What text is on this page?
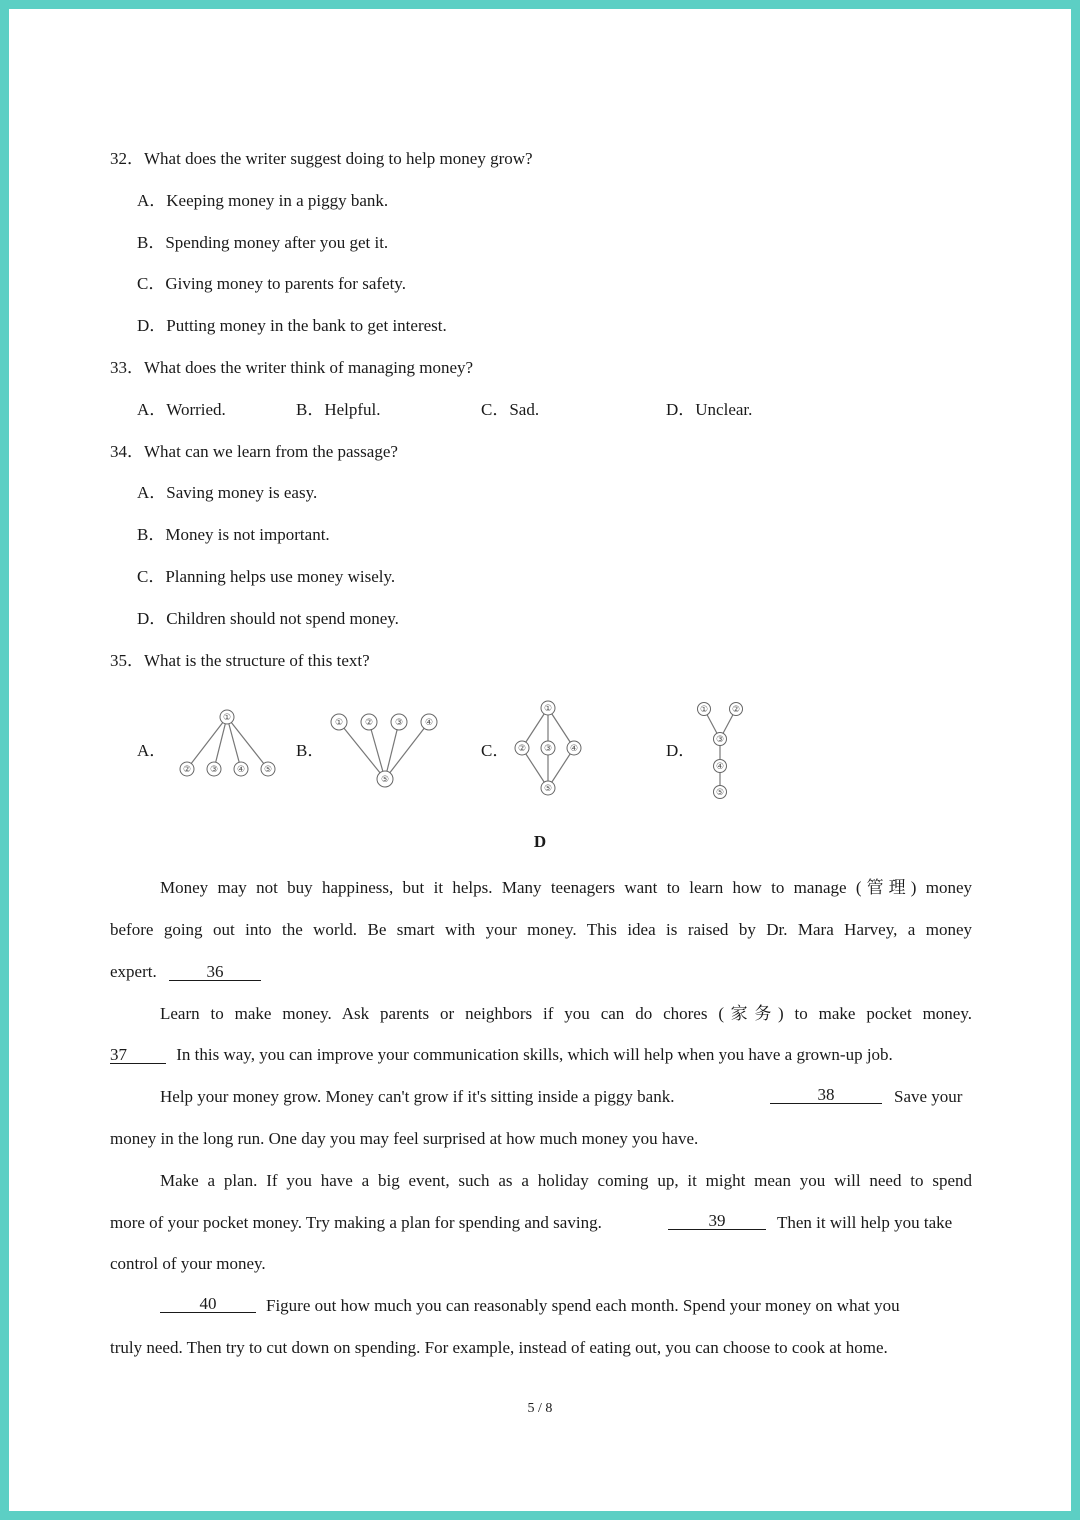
32．What does the writer suggest doing to help money grow?
A．Keeping money in a piggy bank.
B．Spending money after you get it.
C．Giving money to parents for safety.
D．Putting money in the bank to get interest.
33．What does the writer think of managing money?
A．Worried.	B．Helpful.	C．Sad.	D．Unclear.
34．What can we learn from the passage?
A．Saving money is easy.
B．Money is not important.
C．Planning helps use money wisely.
D．Children should not spend money.
35．What is the structure of this text?
A．	B．	C．	D．
①
② ③ ④ ⑤
① ② ③ ④
⑤
①
② ③ ④
⑤
①	②
③
④
⑤
D
Money may not buy happiness, but it helps. Many teenagers want to learn how to manage (管理) money
before going out into the world. Be smart with your money. This idea is raised by Dr. Mara Harvey, a money
expert.	36
Learn to make money. Ask parents or neighbors if you can do chores (家务) to make pocket money.
37	In this way, you can improve your communication skills, which will help when you have a grown-up job.
Help your money grow. Money can't grow if it's sitting inside a piggy bank.	38	Save your
money in the long run. One day you may feel surprised at how much money you have.
Make a plan. If you have a big event, such as a holiday coming up, it might mean you will need to spend
more of your pocket money. Try making a plan for spending and saving.	39	Then it will help you take
control of your money.
40	Figure out how much you can reasonably spend each month. Spend your money on what you
truly need. Then try to cut down on spending. For example, instead of eating out, you can choose to cook at home.
5 / 8
